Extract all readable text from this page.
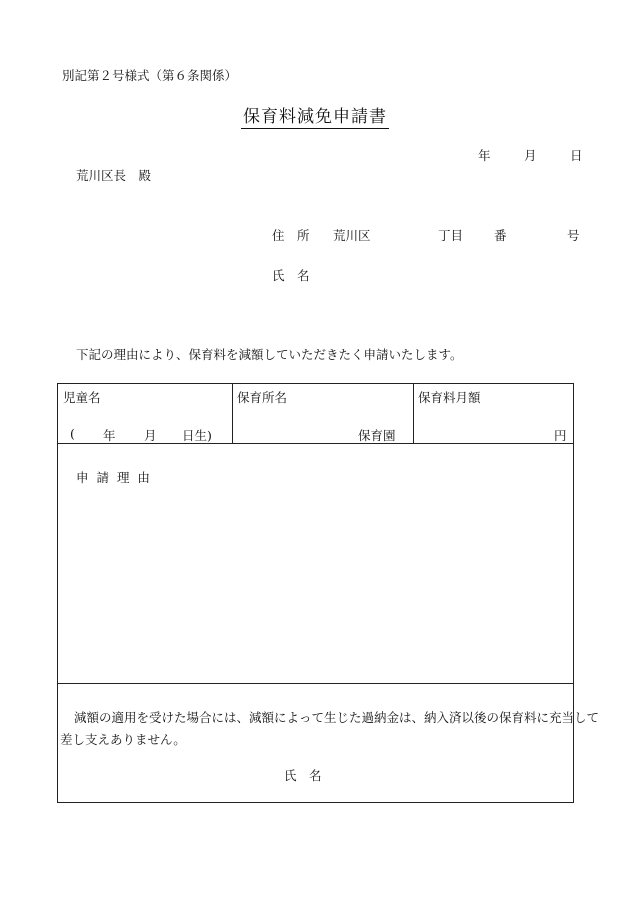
別記第２号様式（第６条関係）
保育料減免申請書
年	月	日
荒川区長　殿
住　所 荒川区	丁目 番	号
氏　名
下記の理由により、保育料を減額していただきたく申請いたします。
児童名	保育所名	保育料月額
( 年 月 日生)	保育園	円
申 請 理 由
減額の適用を受けた場合には、減額によって生じた過納金は、納入済以後の保育料に充当して
差し支えありません。
氏　名
